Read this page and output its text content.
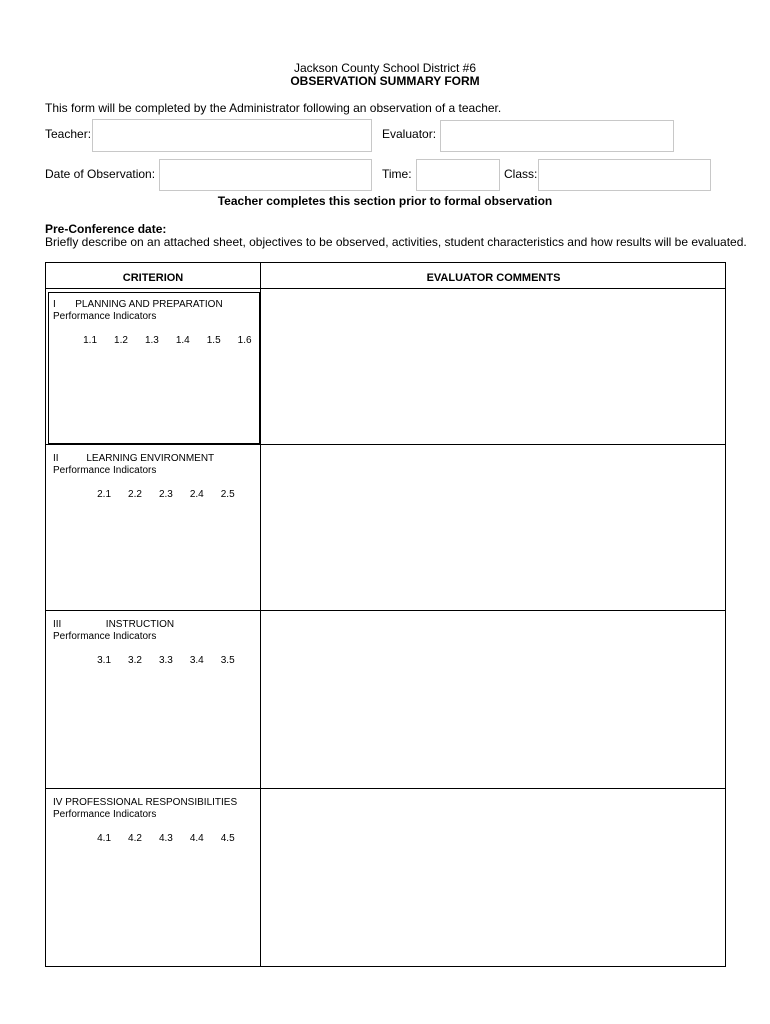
Jackson County School District #6
OBSERVATION SUMMARY FORM
This form will be completed by the Administrator following an observation of a teacher.
Teacher:	Evaluator:
Date of Observation:	Time:	Class:
Teacher completes this section prior to formal observation
Pre-Conference date:
Briefly describe on an attached sheet, objectives to be observed, activities, student characteristics and how results will be evaluated.
CRITERION	EVALUATOR COMMENTS
I PLANNING AND PREPARATION
Performance Indicators

1.1 1.2 1.3 1.4 1.5 1.6

II	LEARNING ENVIRONMENT
Performance Indicators

2.1 2.2 2.3 2.4 2.5

III	INSTRUCTION
Performance Indicators

3.1 3.2 3.3 3.4 3.5

IV PROFESSIONAL RESPONSIBILITIES
Performance Indicators

4.1 4.2 4.3 4.4 4.5
